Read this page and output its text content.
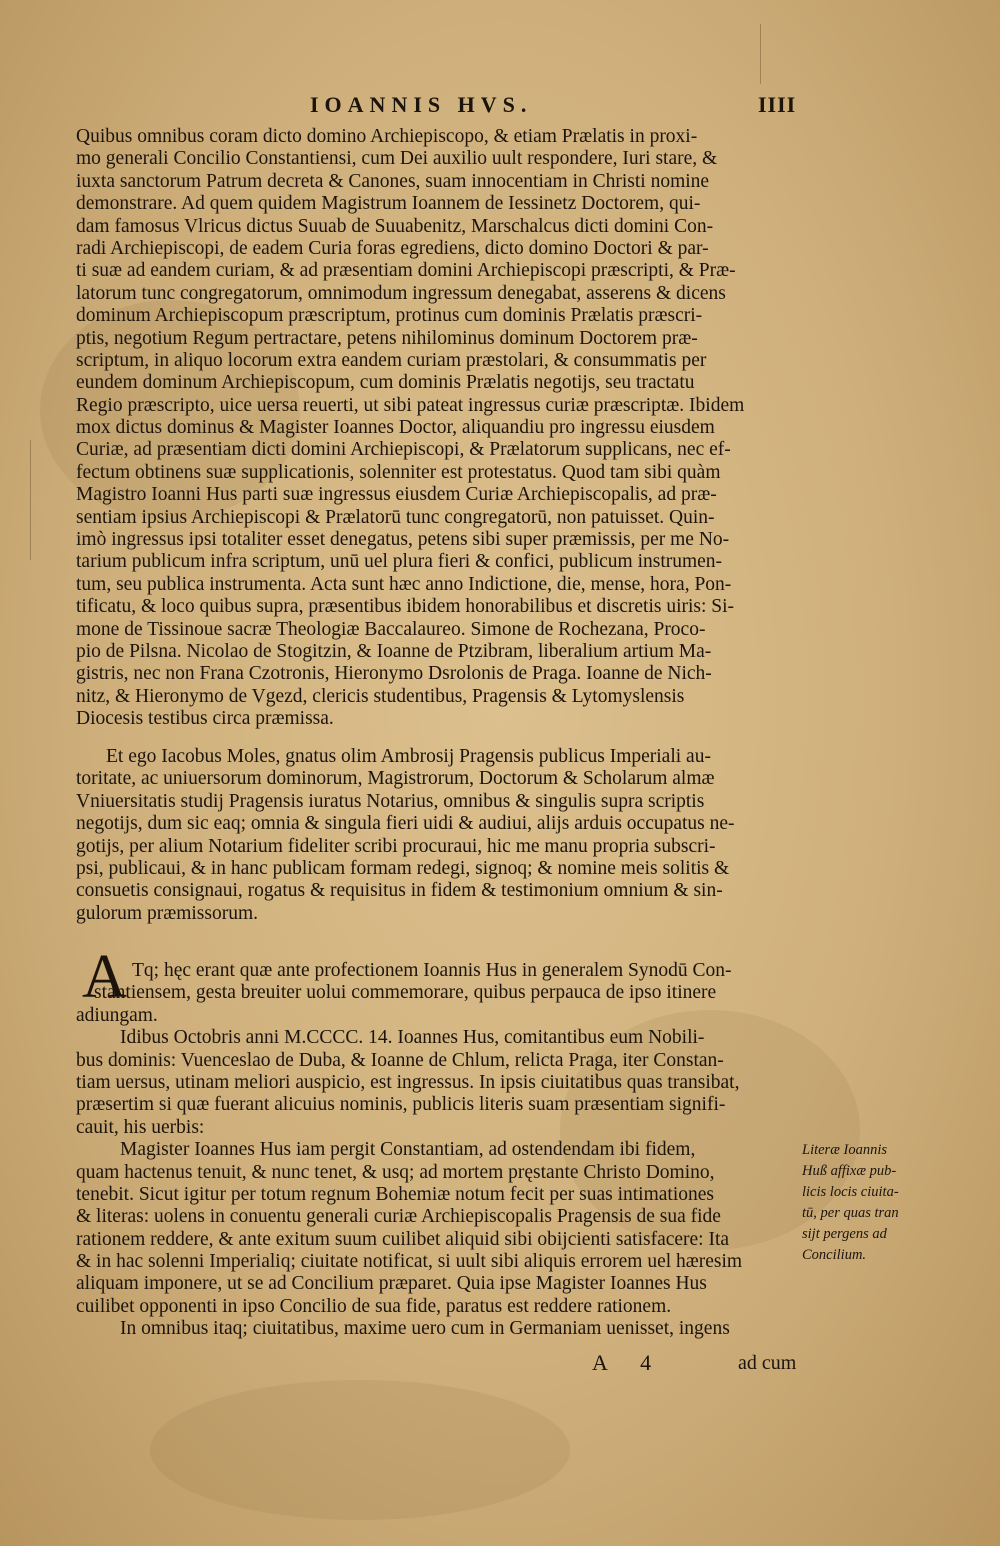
IOANNIS HVS.	IIII
Quibus omnibus coram dicto domino Archiepiscopo, & etiam Prælatis in proxi-
mo generali Concilio Constantiensi, cum Dei auxilio uult respondere, Iuri stare, &
iuxta sanctorum Patrum decreta & Canones, suam innocentiam in Christi nomine
demonstrare. Ad quem quidem Magistrum Ioannem de Iessinetz Doctorem, qui-
dam famosus Vlricus dictus Suuab de Suuabenitz, Marschalcus dicti domini Con-
radi Archiepiscopi, de eadem Curia foras egrediens, dicto domino Doctori & par-
ti suæ ad eandem curiam, & ad præsentiam domini Archiepiscopi præscripti, & Præ-
latorum tunc congregatorum, omnimodum ingressum denegabat, asserens & dicens
dominum Archiepiscopum præscriptum, protinus cum dominis Prælatis præscri-
ptis, negotium Regum pertractare, petens nihilominus dominum Doctorem præ-
scriptum, in aliquo locorum extra eandem curiam præstolari, & consummatis per
eundem dominum Archiepiscopum, cum dominis Prælatis negotijs, seu tractatu
Regio præscripto, uice uersa reuerti, ut sibi pateat ingressus curiæ præscriptæ. Ibidem
mox dictus dominus & Magister Ioannes Doctor, aliquandiu pro ingressu eiusdem
Curiæ, ad præsentiam dicti domini Archiepiscopi, & Prælatorum supplicans, nec ef-
fectum obtinens suæ supplicationis, solenniter est protestatus. Quod tam sibi quàm
Magistro Ioanni Hus parti suæ ingressus eiusdem Curiæ Archiepiscopalis, ad præ-
sentiam ipsius Archiepiscopi & Prælatorū tunc congregatorū, non patuisset. Quin-
imò ingressus ipsi totaliter esset denegatus, petens sibi super præmissis, per me No-
tarium publicum infra scriptum, unū uel plura fieri & confici, publicum instrumen-
tum, seu publica instrumenta. Acta sunt hæc anno Indictione, die, mense, hora, Pon-
tificatu, & loco quibus supra, præsentibus ibidem honorabilibus et discretis uiris: Si-
mone de Tissinoue sacræ Theologiæ Baccalaureo. Simone de Rochezana, Proco-
pio de Pilsna. Nicolao de Stogitzin, & Ioanne de Ptzibram, liberalium artium Ma-
gistris, nec non Frana Czotronis, Hieronymo Dsrolonis de Praga. Ioanne de Nich-
nitz, & Hieronymo de Vgezd, clericis studentibus, Pragensis & Lytomyslensis
Diocesis testibus circa præmissa.
Et ego Iacobus Moles, gnatus olim Ambrosij Pragensis publicus Imperiali au-
toritate, ac uniuersorum dominorum, Magistrorum, Doctorum & Scholarum almæ
Vniuersitatis studij Pragensis iuratus Notarius, omnibus & singulis supra scriptis
negotijs, dum sic eaq; omnia & singula fieri uidi & audiui, alijs arduis occupatus ne-
gotijs, per alium Notarium fideliter scribi procuraui, hic me manu propria subscri-
psi, publicaui, & in hanc publicam formam redegi, signoq; & nomine meis solitis &
consuetis consignaui, rogatus & requisitus in fidem & testimonium omnium & sin-
gulorum præmissorum.
A Tq; hęc erant quæ ante profectionem Ioannis Hus in generalem Synodū Con-
stantiensem, gesta breuiter uolui commemorare, quibus perpauca de ipso itinere
adiungam.
Idibus Octobris anni M.CCCC. 14. Ioannes Hus, comitantibus eum Nobili-
bus dominis: Vuenceslao de Duba, & Ioanne de Chlum, relicta Praga, iter Constan-
tiam uersus, utinam meliori auspicio, est ingressus. In ipsis ciuitatibus quas transibat,
præsertim si quæ fuerant alicuius nominis, publicis literis suam præsentiam signifi-
cauit, his uerbis:
Magister Ioannes Hus iam pergit Constantiam, ad ostendendam ibi fidem,
quam hactenus tenuit, & nunc tenet, & usq; ad mortem pręstante Christo Domino,
tenebit. Sicut igitur per totum regnum Bohemiæ notum fecit per suas intimationes
& literas: uolens in conuentu generali curiæ Archiepiscopalis Pragensis de sua fide
rationem reddere, & ante exitum suum cuilibet aliquid sibi obijcienti satisfacere: Ita
& in hac solenni Imperialiq; ciuitate notificat, si uult sibi aliquis errorem uel hæresim
aliquam imponere, ut se ad Concilium præparet. Quia ipse Magister Ioannes Hus
cuilibet opponenti in ipso Concilio de sua fide, paratus est reddere rationem.
In omnibus itaq; ciuitatibus, maxime uero cum in Germaniam uenisset, ingens
Literæ Ioannis
Huß affixæ pub-
licis locis ciuita-
tū, per quas tran
sijt pergens ad
Concilium.
A 4	ad cum
